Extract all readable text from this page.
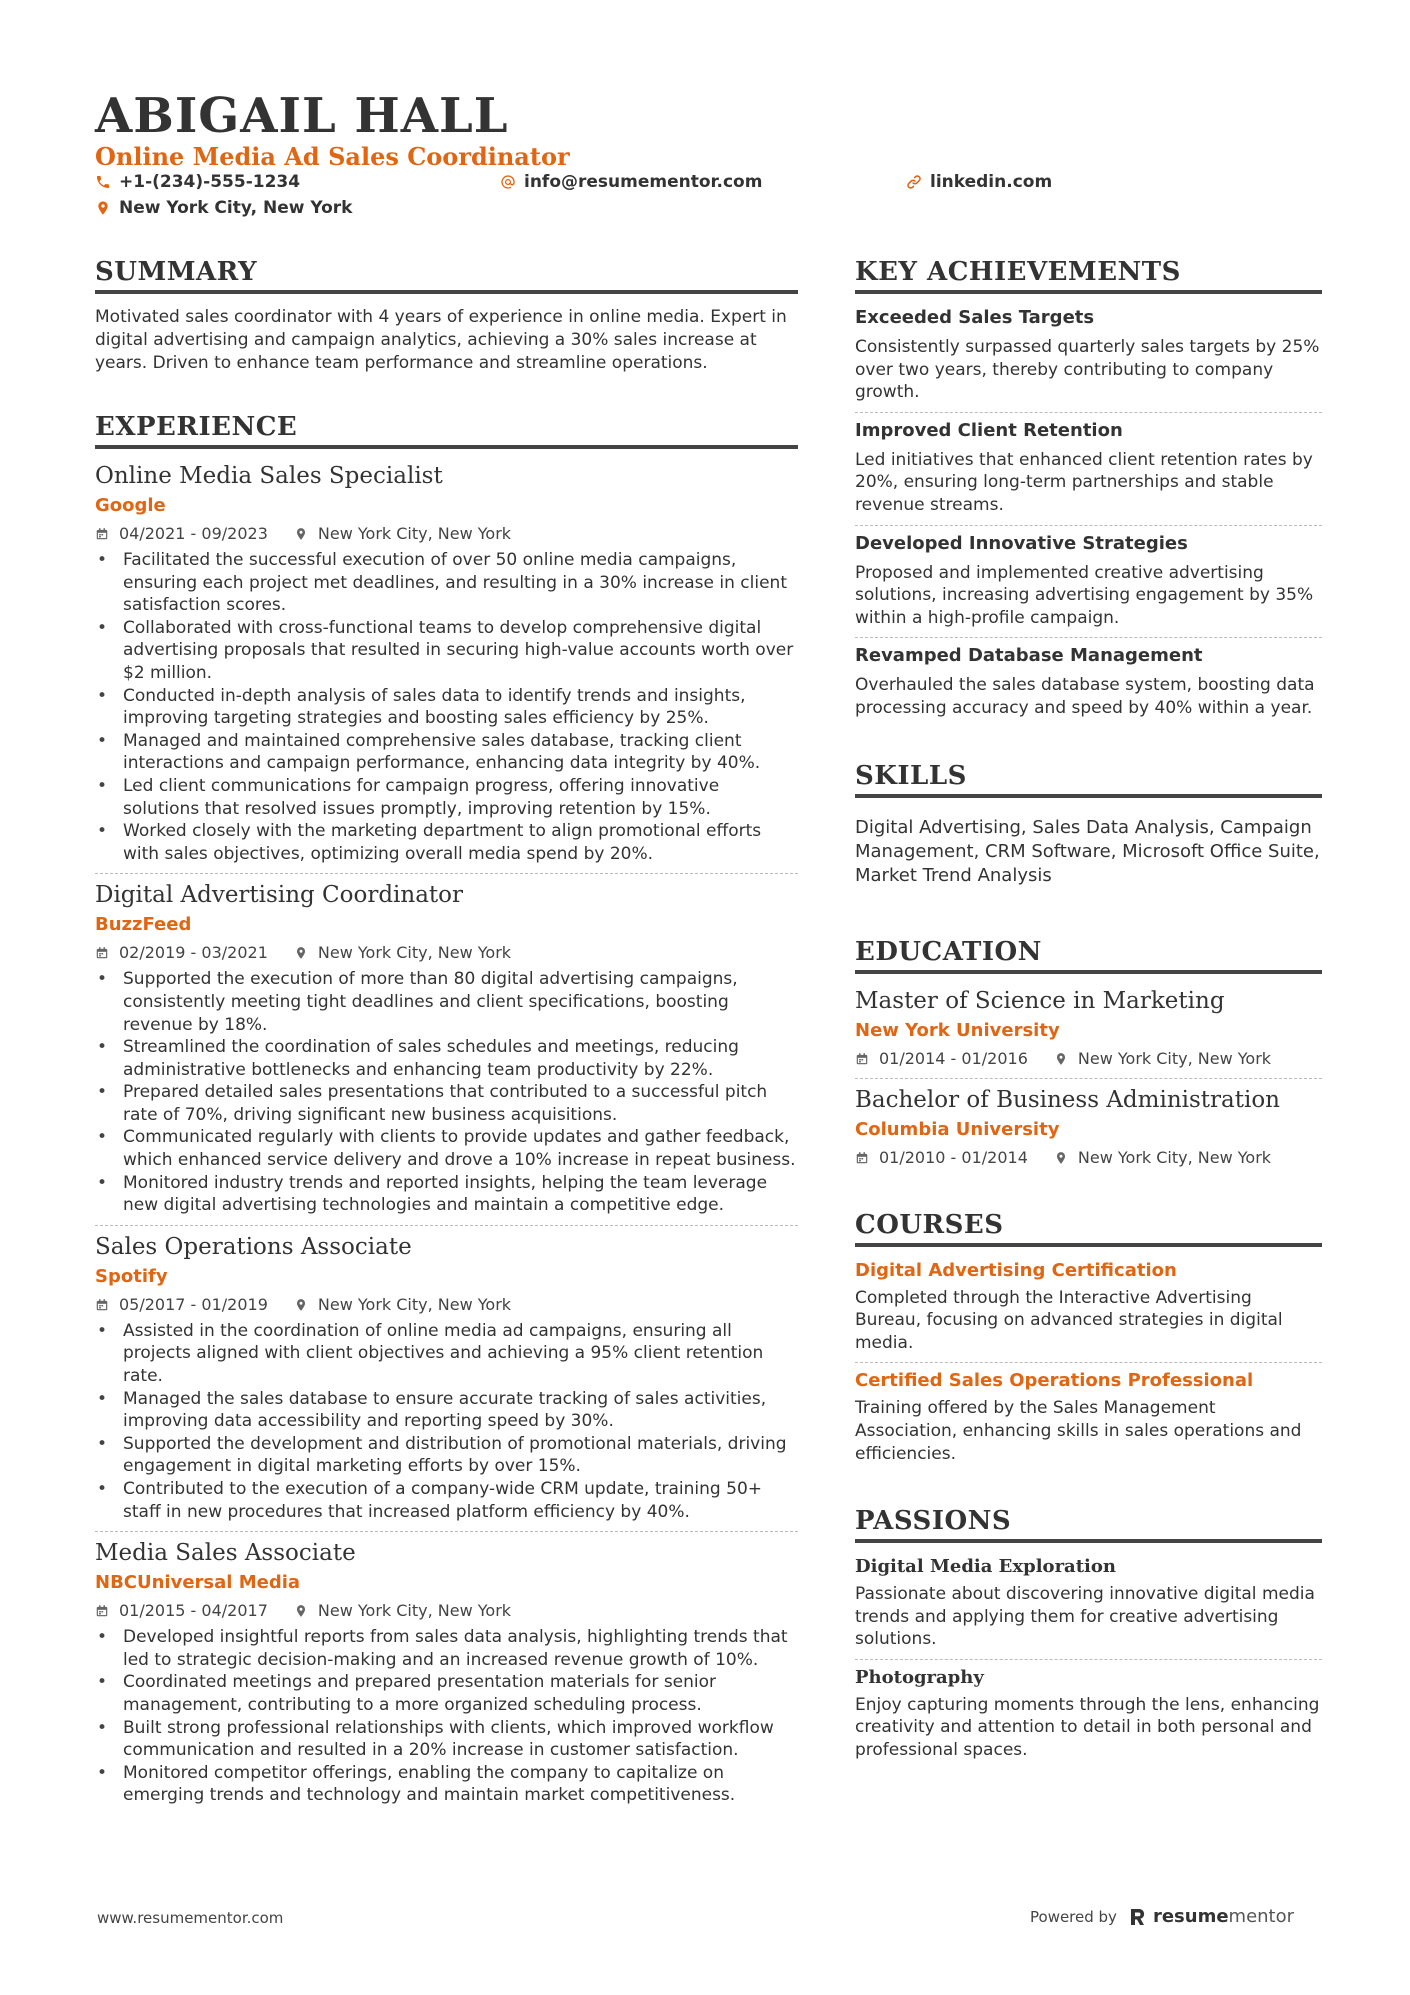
ABIGAIL HALL
Online Media Ad Sales Coordinator
+1-(234)-555-1234	info@resumementor.com	linkedin.com
New York City, New York
SUMMARY
Motivated sales coordinator with 4 years of experience in online media. Expert in digital advertising and campaign analytics, achieving a 30% sales increase at years. Driven to enhance team performance and streamline operations.
EXPERIENCE
Online Media Sales Specialist
Google
04/2021 - 09/2023	New York City, New York
• Facilitated the successful execution of over 50 online media campaigns, ensuring each project met deadlines, and resulting in a 30% increase in client satisfaction scores.
• Collaborated with cross-functional teams to develop comprehensive digital advertising proposals that resulted in securing high-value accounts worth over $2 million.
• Conducted in-depth analysis of sales data to identify trends and insights, improving targeting strategies and boosting sales efficiency by 25%.
• Managed and maintained comprehensive sales database, tracking client interactions and campaign performance, enhancing data integrity by 40%.
• Led client communications for campaign progress, offering innovative solutions that resolved issues promptly, improving retention by 15%.
• Worked closely with the marketing department to align promotional efforts with sales objectives, optimizing overall media spend by 20%.
Digital Advertising Coordinator
BuzzFeed
02/2019 - 03/2021	New York City, New York
• Supported the execution of more than 80 digital advertising campaigns, consistently meeting tight deadlines and client specifications, boosting revenue by 18%.
• Streamlined the coordination of sales schedules and meetings, reducing administrative bottlenecks and enhancing team productivity by 22%.
• Prepared detailed sales presentations that contributed to a successful pitch rate of 70%, driving significant new business acquisitions.
• Communicated regularly with clients to provide updates and gather feedback, which enhanced service delivery and drove a 10% increase in repeat business.
• Monitored industry trends and reported insights, helping the team leverage new digital advertising technologies and maintain a competitive edge.
Sales Operations Associate
Spotify
05/2017 - 01/2019	New York City, New York
• Assisted in the coordination of online media ad campaigns, ensuring all projects aligned with client objectives and achieving a 95% client retention rate.
• Managed the sales database to ensure accurate tracking of sales activities, improving data accessibility and reporting speed by 30%.
• Supported the development and distribution of promotional materials, driving engagement in digital marketing efforts by over 15%.
• Contributed to the execution of a company-wide CRM update, training 50+ staff in new procedures that increased platform efficiency by 40%.
Media Sales Associate
NBCUniversal Media
01/2015 - 04/2017	New York City, New York
• Developed insightful reports from sales data analysis, highlighting trends that led to strategic decision-making and an increased revenue growth of 10%.
• Coordinated meetings and prepared presentation materials for senior management, contributing to a more organized scheduling process.
• Built strong professional relationships with clients, which improved workflow communication and resulted in a 20% increase in customer satisfaction.
• Monitored competitor offerings, enabling the company to capitalize on emerging trends and technology and maintain market competitiveness.
KEY ACHIEVEMENTS
Exceeded Sales Targets
Consistently surpassed quarterly sales targets by 25% over two years, thereby contributing to company growth.
Improved Client Retention
Led initiatives that enhanced client retention rates by 20%, ensuring long-term partnerships and stable revenue streams.
Developed Innovative Strategies
Proposed and implemented creative advertising solutions, increasing advertising engagement by 35% within a high-profile campaign.
Revamped Database Management
Overhauled the sales database system, boosting data processing accuracy and speed by 40% within a year.
SKILLS
Digital Advertising, Sales Data Analysis, Campaign Management, CRM Software, Microsoft Office Suite, Market Trend Analysis
EDUCATION
Master of Science in Marketing
New York University
01/2014 - 01/2016	New York City, New York
Bachelor of Business Administration
Columbia University
01/2010 - 01/2014	New York City, New York
COURSES
Digital Advertising Certification
Completed through the Interactive Advertising Bureau, focusing on advanced strategies in digital media.
Certified Sales Operations Professional
Training offered by the Sales Management Association, enhancing skills in sales operations and efficiencies.
PASSIONS
Digital Media Exploration
Passionate about discovering innovative digital media trends and applying them for creative advertising solutions.
Photography
Enjoy capturing moments through the lens, enhancing creativity and attention to detail in both personal and professional spaces.
www.resumementor.com	Powered by resumementor
